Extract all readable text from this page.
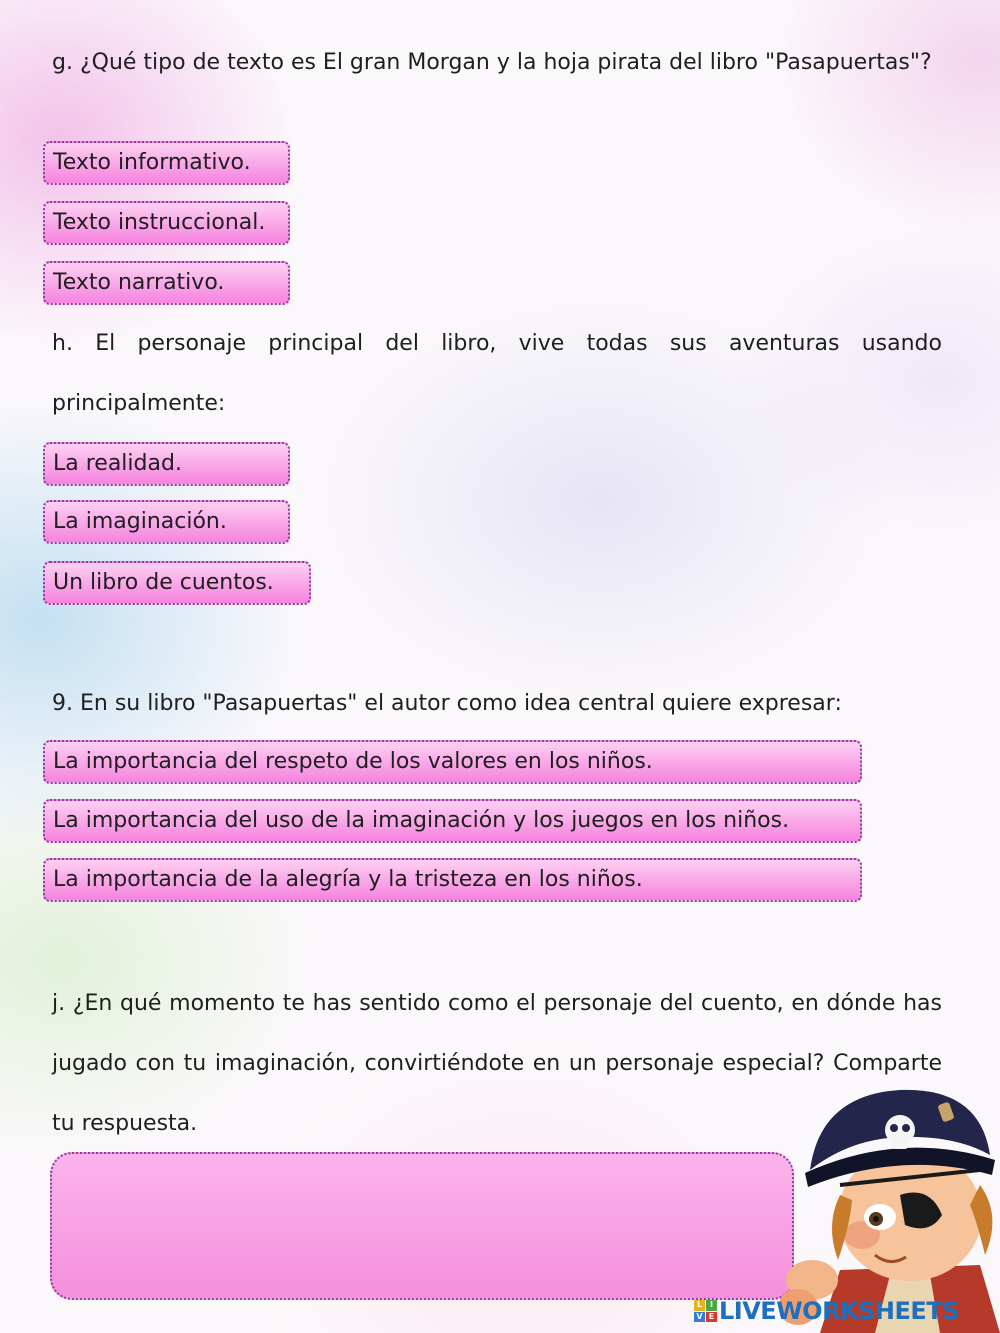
g. ¿Qué tipo de texto es El gran Morgan y la hoja pirata del libro "Pasapuertas"?

Texto informativo.
Texto instruccional.
Texto narrativo.

h. El personaje principal del libro, vive todas sus aventuras usando principalmente:

La realidad.
La imaginación.
Un libro de cuentos.

9. En su libro "Pasapuertas" el autor como idea central quiere expresar:

La importancia del respeto de los valores en los niños.
La importancia del uso de la imaginación y los juegos en los niños.
La importancia de la alegría y la tristeza en los niños.

j. ¿En qué momento te has sentido como el personaje del cuento, en dónde has jugado con tu imaginación, convirtiéndote en un personaje especial? Comparte tu respuesta.

L I
V E LIVEWORKSHEETS
